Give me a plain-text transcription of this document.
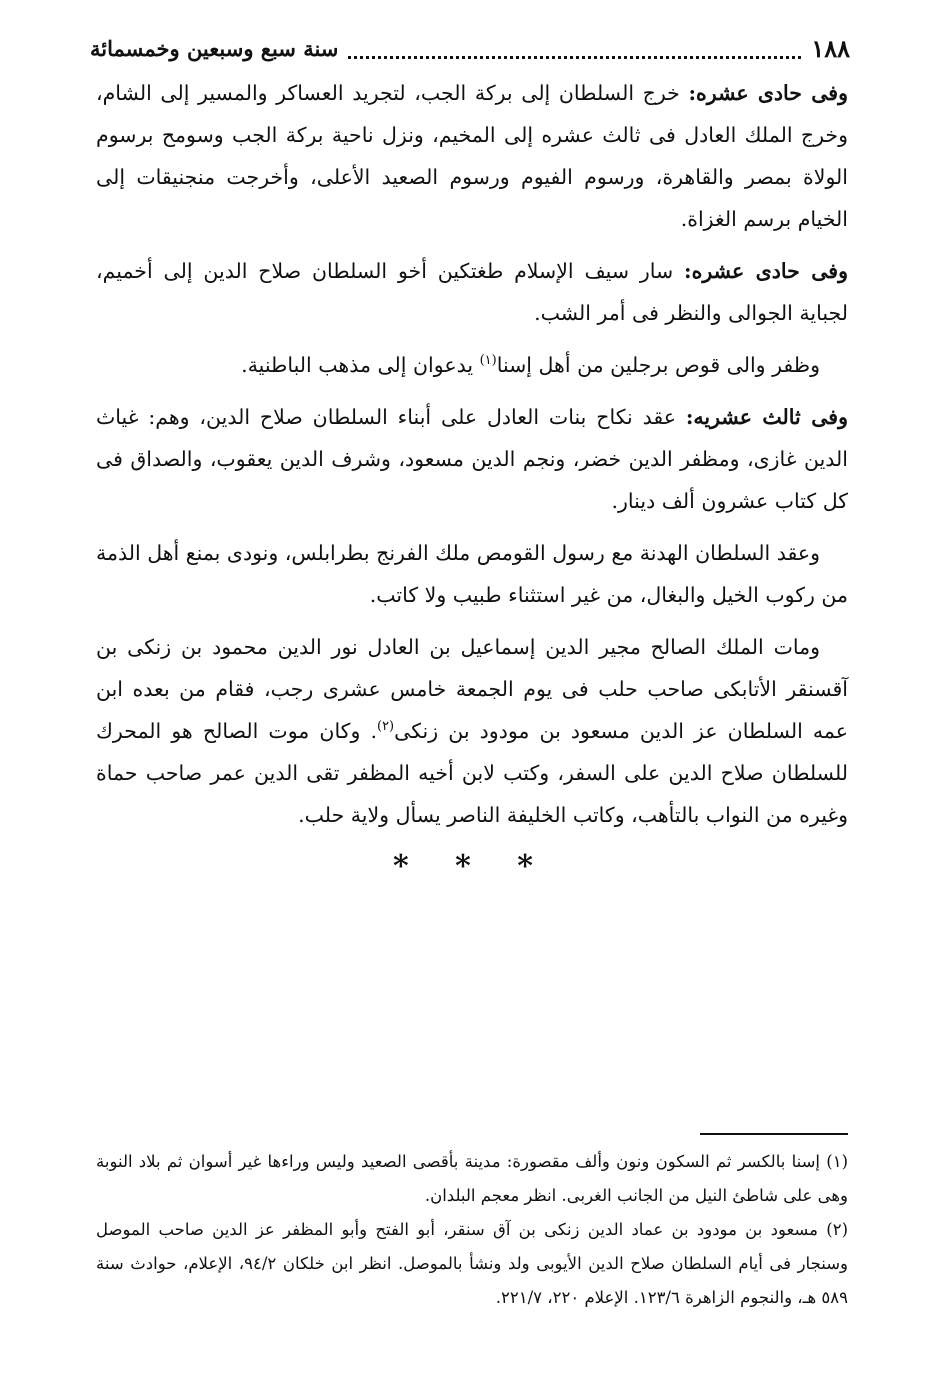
١٨٨
سنة سبع وسبعين وخمسمائة

وفى حادى عشره: خرج السلطان إلى بركة الجب، لتجريد العساكر والمسير إلى الشام، وخرج الملك العادل فى ثالث عشره إلى المخيم، ونزل ناحية بركة الجب وسومح برسوم الولاة بمصر والقاهرة، ورسوم الفيوم ورسوم الصعيد الأعلى، وأخرجت منجنيقات إلى الخيام برسم الغزاة.

وفى حادى عشره: سار سيف الإسلام طغتكين أخو السلطان صلاح الدين إلى أخميم، لجباية الجوالى والنظر فى أمر الشب.

وظفر والى قوص برجلين من أهل إسنا$^{(١)}$ يدعوان إلى مذهب الباطنية.

وفى ثالث عشريه: عقد نكاح بنات العادل على أبناء السلطان صلاح الدين، وهم: غياث الدين غازى، ومظفر الدين خضر، ونجم الدين مسعود، وشرف الدين يعقوب، والصداق فى كل كتاب عشرون ألف دينار.

وعقد السلطان الهدنة مع رسول القومص ملك الفرنج بطرابلس، ونودى بمنع أهل الذمة من ركوب الخيل والبغال، من غير استثناء طبيب ولا كاتب.

ومات الملك الصالح مجير الدين إسماعيل بن العادل نور الدين محمود بن زنكى بن آقسنقر الأتابكى صاحب حلب فى يوم الجمعة خامس عشرى رجب، فقام من بعده ابن عمه السلطان عز الدين مسعود بن مودود بن زنكى$^{(٢)}$. وكان موت الصالح هو المحرك للسلطان صلاح الدين على السفر، وكتب لابن أخيه المظفر تقى الدين عمر صاحب حماة وغيره من النواب بالتأهب، وكاتب الخليفة الناصر يسأل ولاية حلب.

* * *

(١) إسنا بالكسر ثم السكون ونون وألف مقصورة: مدينة بأقصى الصعيد وليس وراءها غير أسوان ثم بلاد النوبة وهى على شاطئ النيل من الجانب الغربى. انظر معجم البلدان.

(٢) مسعود بن مودود بن عماد الدين زنكى بن آق سنقر، أبو الفتح وأبو المظفر عز الدين صاحب الموصل وسنجار فى أيام السلطان صلاح الدين الأيوبى ولد ونشأ بالموصل. انظر ابن خلكان ٩٤/٢، الإعلام، حوادث سنة ٥٨٩ هـ، والنجوم الزاهرة ١٢٣/٦. الإعلام ٢٢٠، ٢٢١/٧.
